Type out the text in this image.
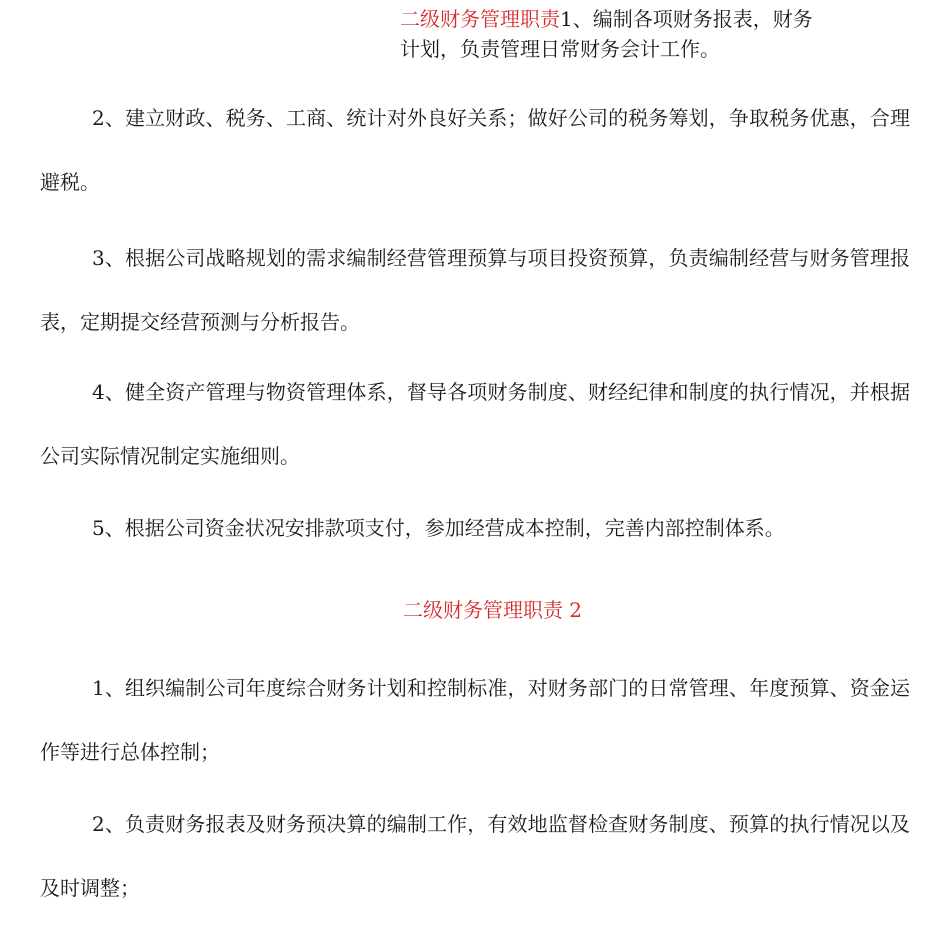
二级财务管理职责1、编制各项财务报表，财务
计划，负责管理日常财务会计工作。

2、建立财政、税务、工商、统计对外良好关系；做好公司的税务筹划，争取税务优惠，合理避税。

3、根据公司战略规划的需求编制经营管理预算与项目投资预算，负责编制经营与财务管理报表，定期提交经营预测与分析报告。

4、健全资产管理与物资管理体系，督导各项财务制度、财经纪律和制度的执行情况，并根据公司实际情况制定实施细则。

5、根据公司资金状况安排款项支付，参加经营成本控制，完善内部控制体系。

二级财务管理职责 2

1、组织编制公司年度综合财务计划和控制标准，对财务部门的日常管理、年度预算、资金运作等进行总体控制；

2、负责财务报表及财务预决算的编制工作，有效地监督检查财务制度、预算的执行情况以及及时调整；
